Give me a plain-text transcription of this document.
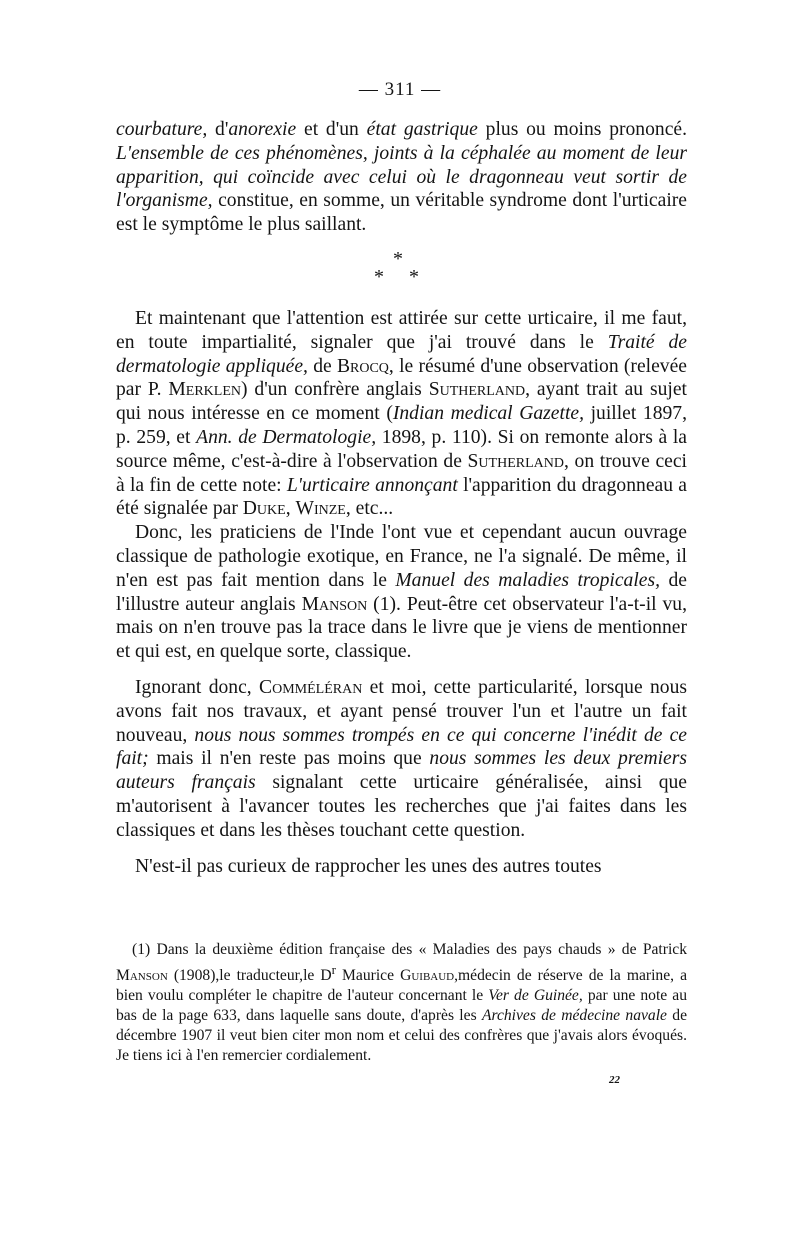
— 311 —

courbature, d'anorexie et d'un état gastrique plus ou moins prononcé. L'ensemble de ces phénomènes, joints à la céphalée au moment de leur apparition, qui coïncide avec celui où le dragonneau veut sortir de l'organisme, constitue, en somme, un véritable syndrome dont l'urticaire est le symptôme le plus saillant.

*
* *

Et maintenant que l'attention est attirée sur cette urticaire, il me faut, en toute impartialité, signaler que j'ai trouvé dans le Traité de dermatologie appliquée, de Brocq, le résumé d'une observation (relevée par P. Merklen) d'un confrère anglais Sutherland, ayant trait au sujet qui nous intéresse en ce moment (Indian medical Gazette, juillet 1897, p. 259, et Ann. de Dermatologie, 1898, p. 110). Si on remonte alors à la source même, c'est-à-dire à l'observation de Sutherland, on trouve ceci à la fin de cette note: L'urticaire annonçant l'apparition du dragonneau a été signalée par Duke, Winze, etc...

Donc, les praticiens de l'Inde l'ont vue et cependant aucun ouvrage classique de pathologie exotique, en France, ne l'a signalé. De même, il n'en est pas fait mention dans le Manuel des maladies tropicales, de l'illustre auteur anglais Manson (1). Peut-être cet observateur l'a-t-il vu, mais on n'en trouve pas la trace dans le livre que je viens de mentionner et qui est, en quelque sorte, classique.

Ignorant donc, Comméléran et moi, cette particularité, lorsque nous avons fait nos travaux, et ayant pensé trouver l'un et l'autre un fait nouveau, nous nous sommes trompés en ce qui concerne l'inédit de ce fait; mais il n'en reste pas moins que nous sommes les deux premiers auteurs français signalant cette urticaire généralisée, ainsi que m'autorisent à l'avancer toutes les recherches que j'ai faites dans les classiques et dans les thèses touchant cette question.

N'est-il pas curieux de rapprocher les unes des autres toutes

(1) Dans la deuxième édition française des « Maladies des pays chauds » de Patrick Manson (1908),le traducteur,le $D^r$ Maurice Guibaud,médecin de réserve de la marine, a bien voulu compléter le chapitre de l'auteur concernant le Ver de Guinée, par une note au bas de la page 633, dans laquelle sans doute, d'après les Archives de médecine navale de décembre 1907 il veut bien citer mon nom et celui des confrères que j'avais alors évoqués. Je tiens ici à l'en remercier cordialement.

22
